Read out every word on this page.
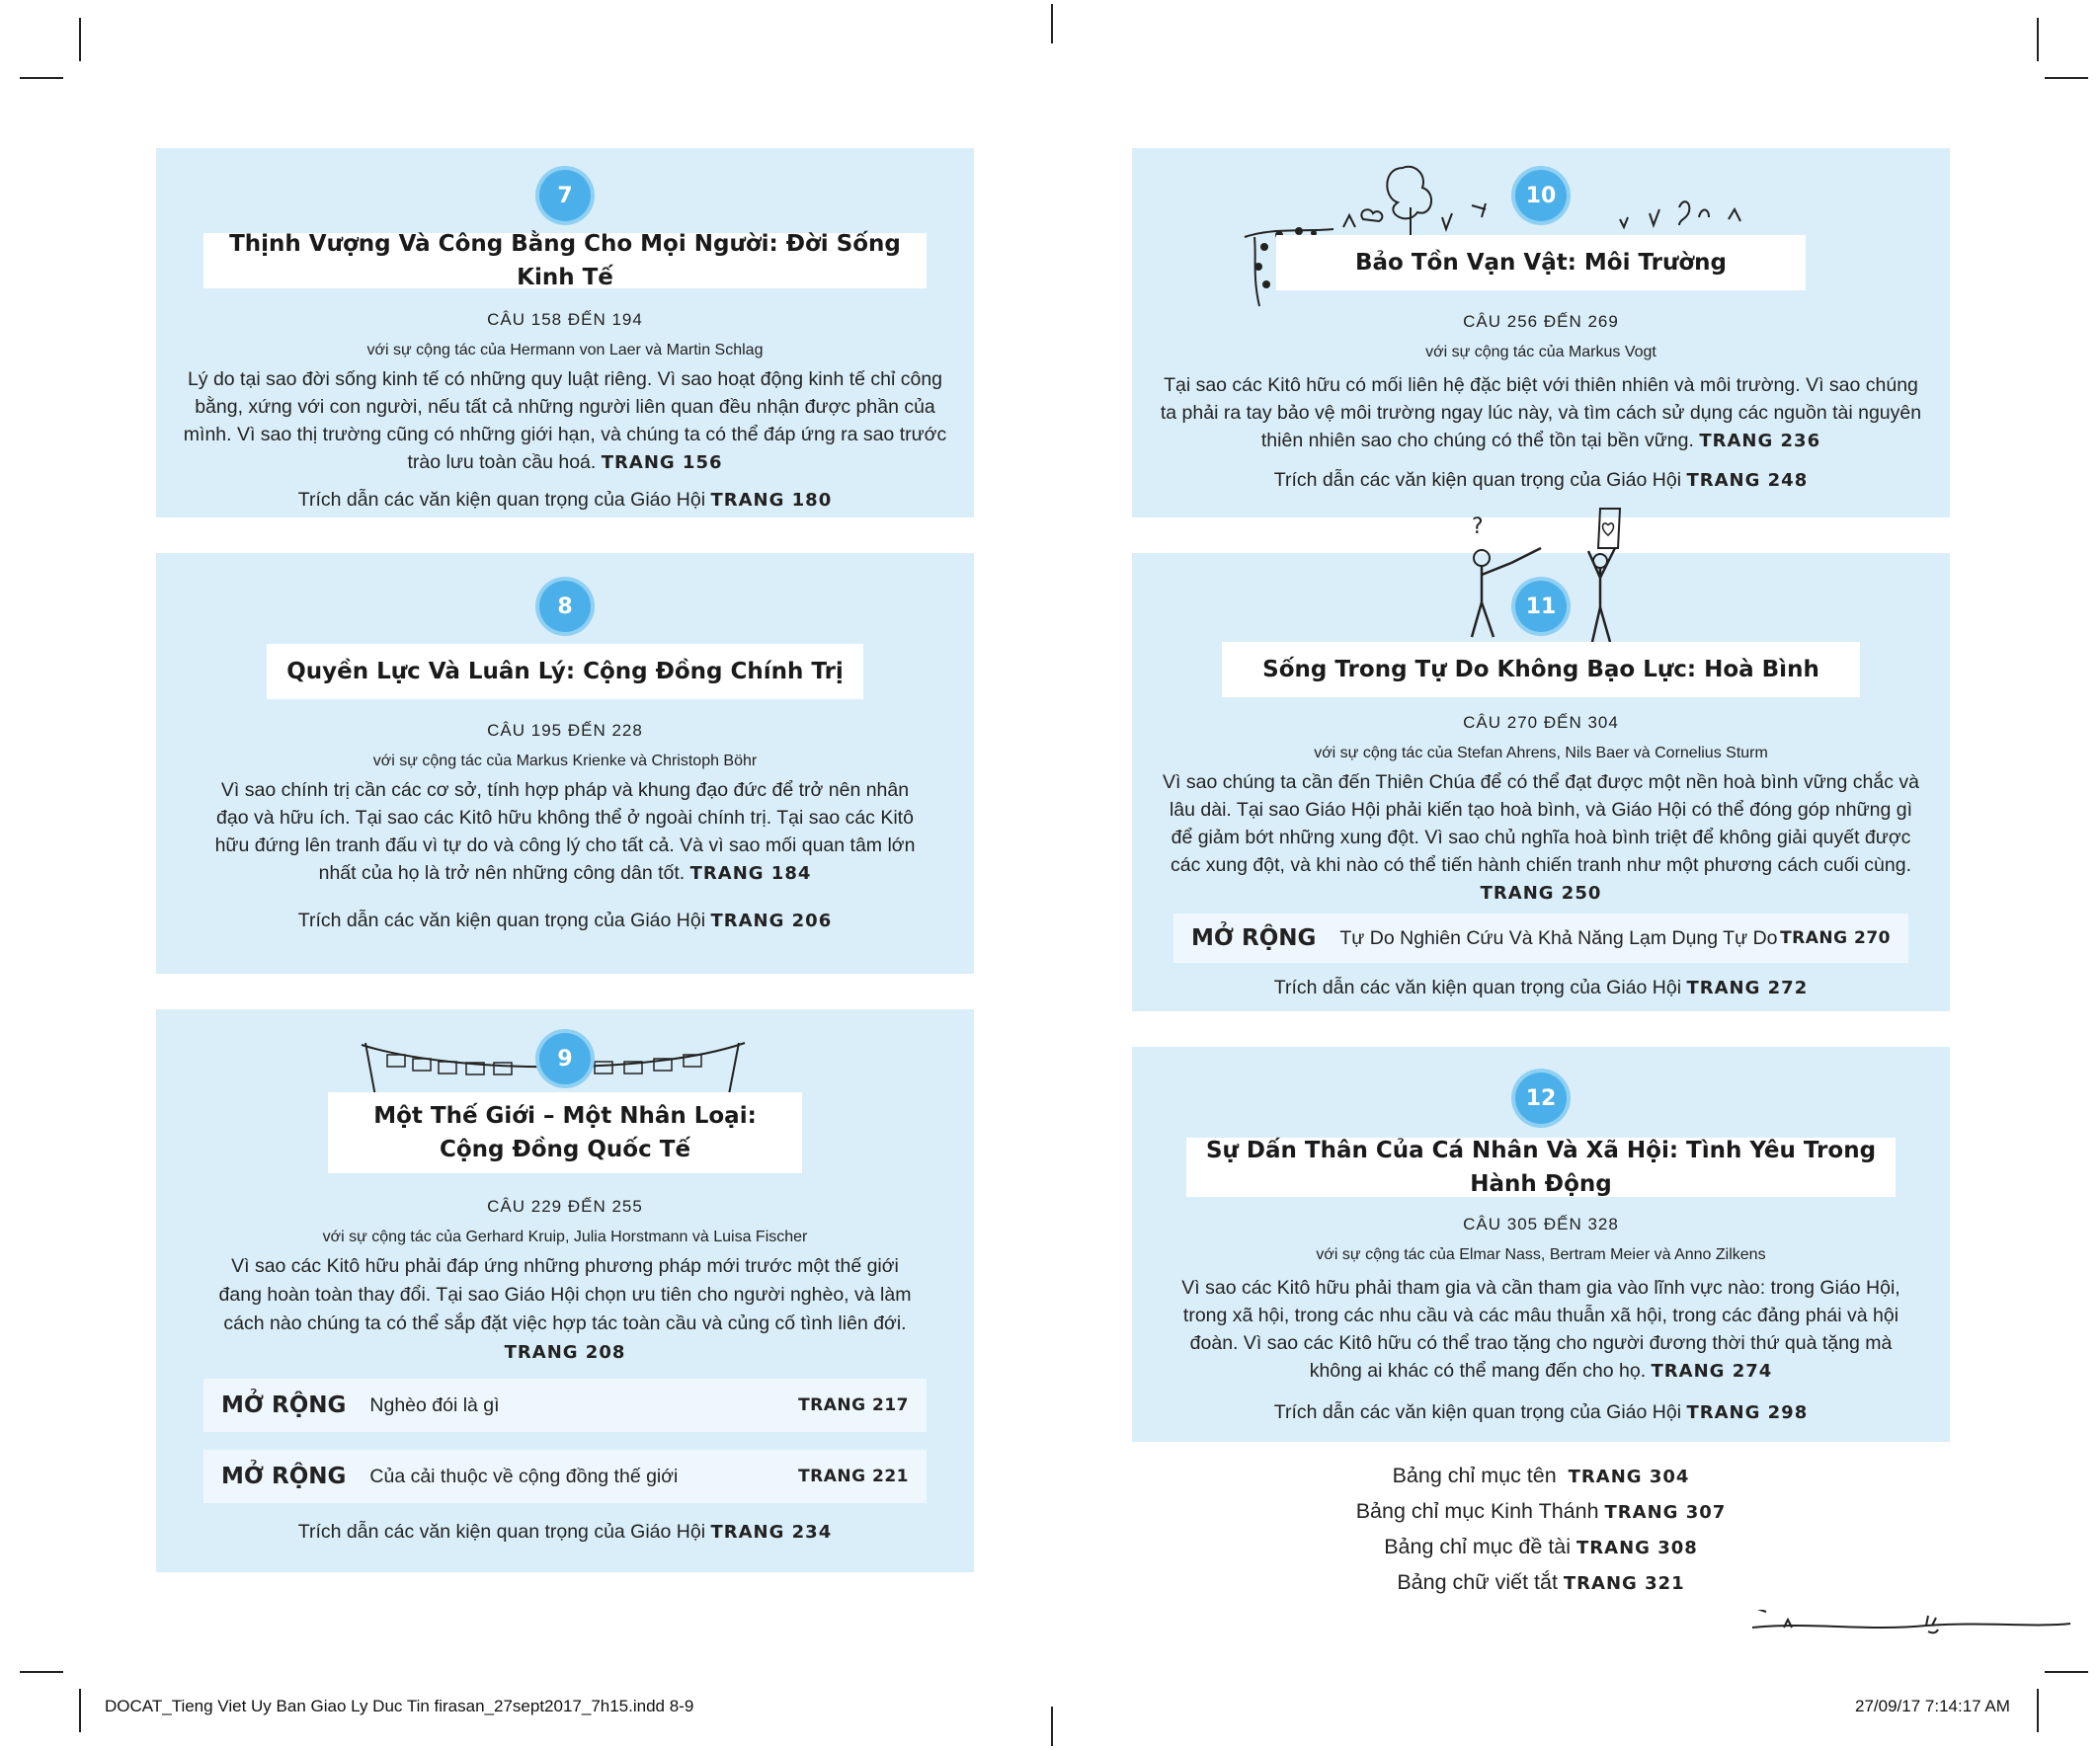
7
Thịnh Vượng Và Công Bằng Cho Mọi Người: Đời Sống Kinh Tế
CÂU 158 ĐẾN 194
với sự cộng tác của Hermann von Laer và Martin Schlag
Lý do tại sao đời sống kinh tế có những quy luật riêng. Vì sao hoạt động kinh tế chỉ công
bằng, xứng với con người, nếu tất cả những người liên quan đều nhận được phần của
mình. Vì sao thị trường cũng có những giới hạn, và chúng ta có thể đáp ứng ra sao trước
trào lưu toàn cầu hoá. TRANG 156
Trích dẫn các văn kiện quan trọng của Giáo Hội TRANG 180
8
Quyền Lực Và Luân Lý: Cộng Đồng Chính Trị
CÂU 195 ĐẾN 228
với sự cộng tác của Markus Krienke và Christoph Böhr
Vì sao chính trị cần các cơ sở, tính hợp pháp và khung đạo đức để trở nên nhân
đạo và hữu ích. Tại sao các Kitô hữu không thể ở ngoài chính trị. Tại sao các Kitô
hữu đứng lên tranh đấu vì tự do và công lý cho tất cả. Và vì sao mối quan tâm lớn
nhất của họ là trở nên những công dân tốt. TRANG 184
Trích dẫn các văn kiện quan trọng của Giáo Hội TRANG 206
9
Một Thế Giới – Một Nhân Loại:
Cộng Đồng Quốc Tế
CÂU 229 ĐẾN 255
với sự cộng tác của Gerhard Kruip, Julia Horstmann và Luisa Fischer
Vì sao các Kitô hữu phải đáp ứng những phương pháp mới trước một thế giới
đang hoàn toàn thay đổi. Tại sao Giáo Hội chọn ưu tiên cho người nghèo, và làm
cách nào chúng ta có thể sắp đặt việc hợp tác toàn cầu và củng cố tình liên đới.
TRANG 208
MỞ RỘNG Nghèo đói là gì	TRANG 217
MỞ RỘNG Của cải thuộc về cộng đồng thế giới	TRANG 221
Trích dẫn các văn kiện quan trọng của Giáo Hội TRANG 234
10
Bảo Tồn Vạn Vật: Môi Trường
CÂU 256 ĐẾN 269
với sự cộng tác của Markus Vogt
Tại sao các Kitô hữu có mối liên hệ đặc biệt với thiên nhiên và môi trường. Vì sao chúng
ta phải ra tay bảo vệ môi trường ngay lúc này, và tìm cách sử dụng các nguồn tài nguyên
thiên nhiên sao cho chúng có thể tồn tại bền vững. TRANG 236
Trích dẫn các văn kiện quan trọng của Giáo Hội TRANG 248
?
11
Sống Trong Tự Do Không Bạo Lực: Hoà Bình
CÂU 270 ĐẾN 304
với sự cộng tác của Stefan Ahrens, Nils Baer và Cornelius Sturm
Vì sao chúng ta cần đến Thiên Chúa để có thể đạt được một nền hoà bình vững chắc và
lâu dài. Tại sao Giáo Hội phải kiến tạo hoà bình, và Giáo Hội có thể đóng góp những gì
để giảm bớt những xung đột. Vì sao chủ nghĩa hoà bình triệt để không giải quyết được
các xung đột, và khi nào có thể tiến hành chiến tranh như một phương cách cuối cùng.
TRANG 250
MỞ RỘNG Tự Do Nghiên Cứu Và Khả Năng Lạm Dụng Tự Do TRANG 270
Trích dẫn các văn kiện quan trọng của Giáo Hội TRANG 272
12
Sự Dấn Thân Của Cá Nhân Và Xã Hội: Tình Yêu Trong Hành Động
CÂU 305 ĐẾN 328
với sự cộng tác của Elmar Nass, Bertram Meier và Anno Zilkens
Vì sao các Kitô hữu phải tham gia và cần tham gia vào lĩnh vực nào: trong Giáo Hội,
trong xã hội, trong các nhu cầu và các mâu thuẫn xã hội, trong các đảng phái và hội
đoàn. Vì sao các Kitô hữu có thể trao tặng cho người đương thời thứ quà tặng mà
không ai khác có thể mang đến cho họ. TRANG 274
Trích dẫn các văn kiện quan trọng của Giáo Hội TRANG 298
Bảng chỉ mục tên TRANG 304
Bảng chỉ mục Kinh Thánh TRANG 307
Bảng chỉ mục đề tài TRANG 308
Bảng chữ viết tắt TRANG 321
DOCAT_Tieng Viet Uy Ban Giao Ly Duc Tin firasan_27sept2017_7h15.indd 8-9	27/09/17 7:14:17 AM
